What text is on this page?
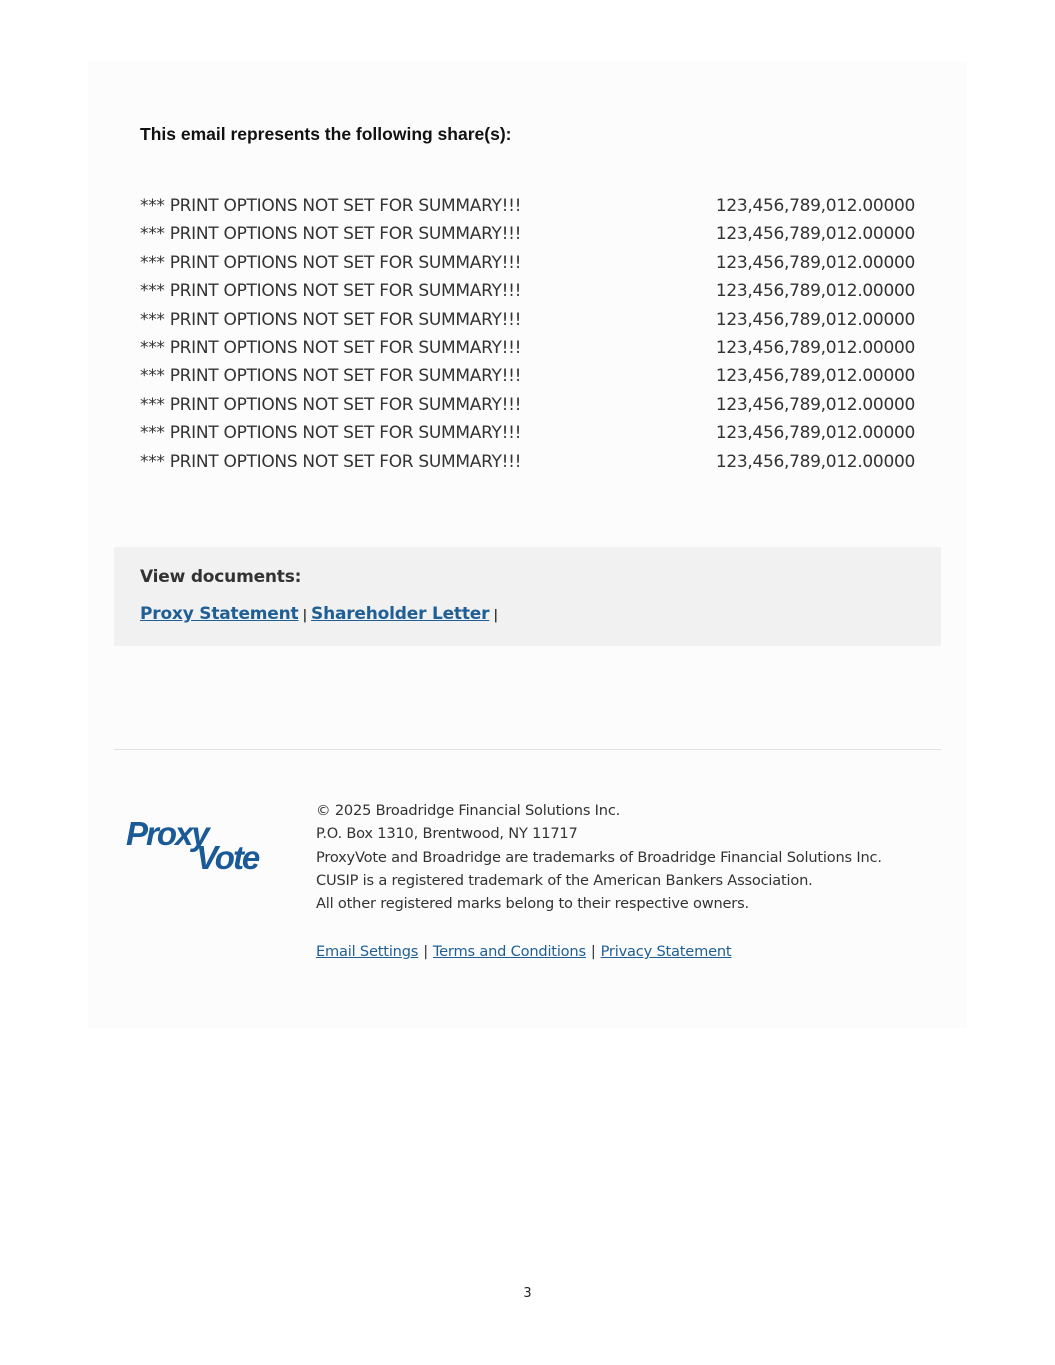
This email represents the following share(s):
*** PRINT OPTIONS NOT SET FOR SUMMARY!!!	123,456,789,012.00000
*** PRINT OPTIONS NOT SET FOR SUMMARY!!!	123,456,789,012.00000
*** PRINT OPTIONS NOT SET FOR SUMMARY!!!	123,456,789,012.00000
*** PRINT OPTIONS NOT SET FOR SUMMARY!!!	123,456,789,012.00000
*** PRINT OPTIONS NOT SET FOR SUMMARY!!!	123,456,789,012.00000
*** PRINT OPTIONS NOT SET FOR SUMMARY!!!	123,456,789,012.00000
*** PRINT OPTIONS NOT SET FOR SUMMARY!!!	123,456,789,012.00000
*** PRINT OPTIONS NOT SET FOR SUMMARY!!!	123,456,789,012.00000
*** PRINT OPTIONS NOT SET FOR SUMMARY!!!	123,456,789,012.00000
*** PRINT OPTIONS NOT SET FOR SUMMARY!!!	123,456,789,012.00000
View documents:
Proxy Statement | Shareholder Letter |
Proxy
Vote
© 2025 Broadridge Financial Solutions Inc.
P.O. Box 1310, Brentwood, NY 11717
ProxyVote and Broadridge are trademarks of Broadridge Financial Solutions Inc.
CUSIP is a registered trademark of the American Bankers Association.
All other registered marks belong to their respective owners.
Email Settings | Terms and Conditions | Privacy Statement
3
